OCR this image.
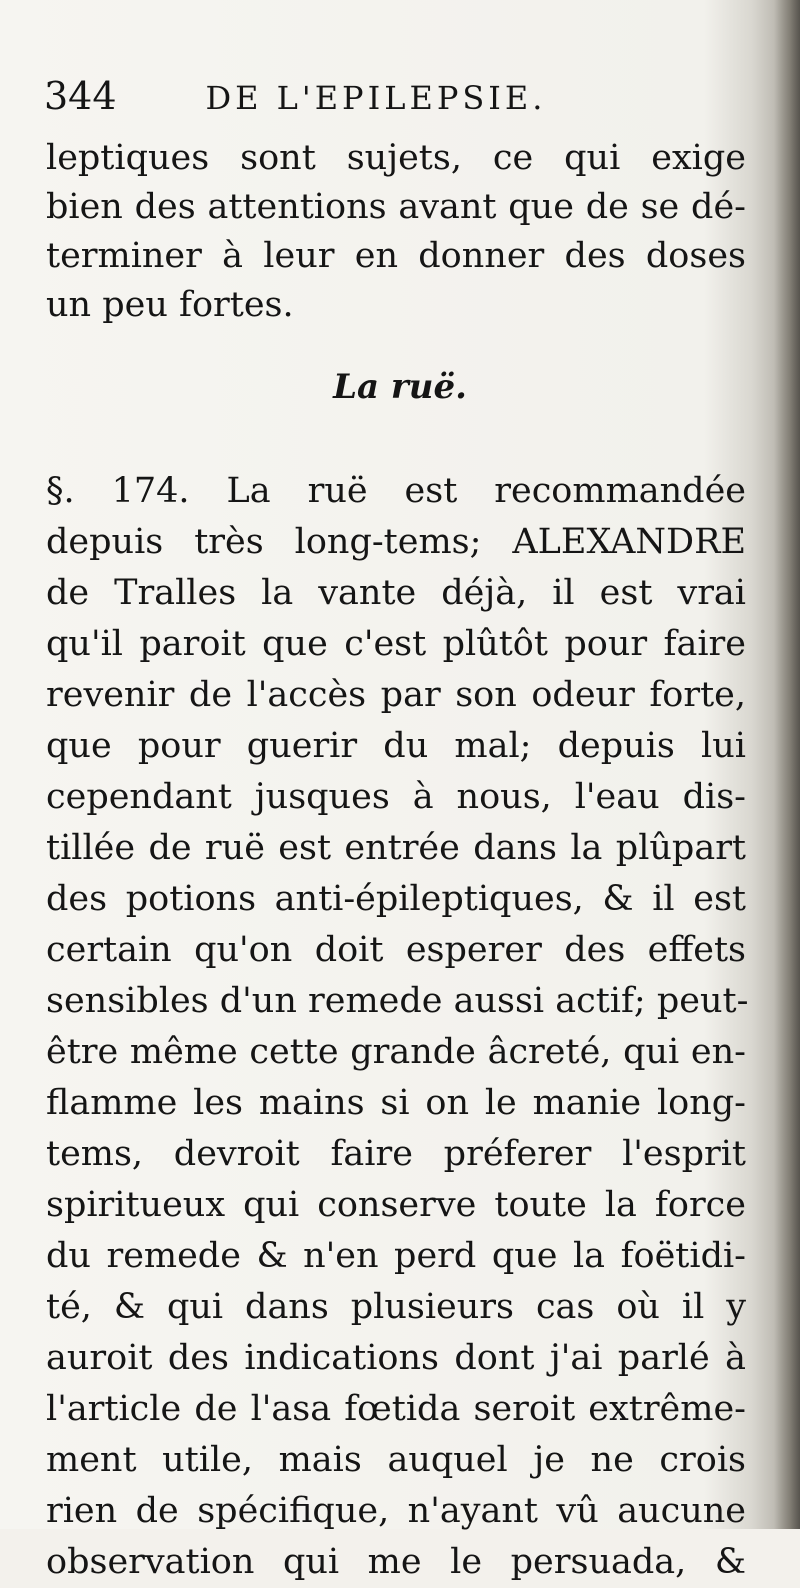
344	DE L'EPILEPSIE.
leptiques sont sujets, ce qui exige
bien des attentions avant que de se dé-
terminer à leur en donner des doses
un peu fortes.
La ruë.
§. 174. La ruë est recommandée
depuis très long-tems; ALEXANDRE
de Tralles la vante déjà, il est vrai
qu'il paroit que c'est plûtôt pour faire
revenir de l'accès par son odeur forte,
que pour guerir du mal; depuis lui
cependant jusques à nous, l'eau dis-
tillée de ruë est entrée dans la plûpart
des potions anti-épileptiques, & il est
certain qu'on doit esperer des effets
sensibles d'un remede aussi actif; peut-
être même cette grande âcreté, qui en-
flamme les mains si on le manie long-
tems, devroit faire préferer l'esprit
spiritueux qui conserve toute la force
du remede & n'en perd que la foëtidi-
té, & qui dans plusieurs cas où il y
auroit des indications dont j'ai parlé à
l'article de l'asa fœtida seroit extrême-
ment utile, mais auquel je ne crois
rien de spécifique, n'ayant vû aucune
observation qui me le persuada, &
